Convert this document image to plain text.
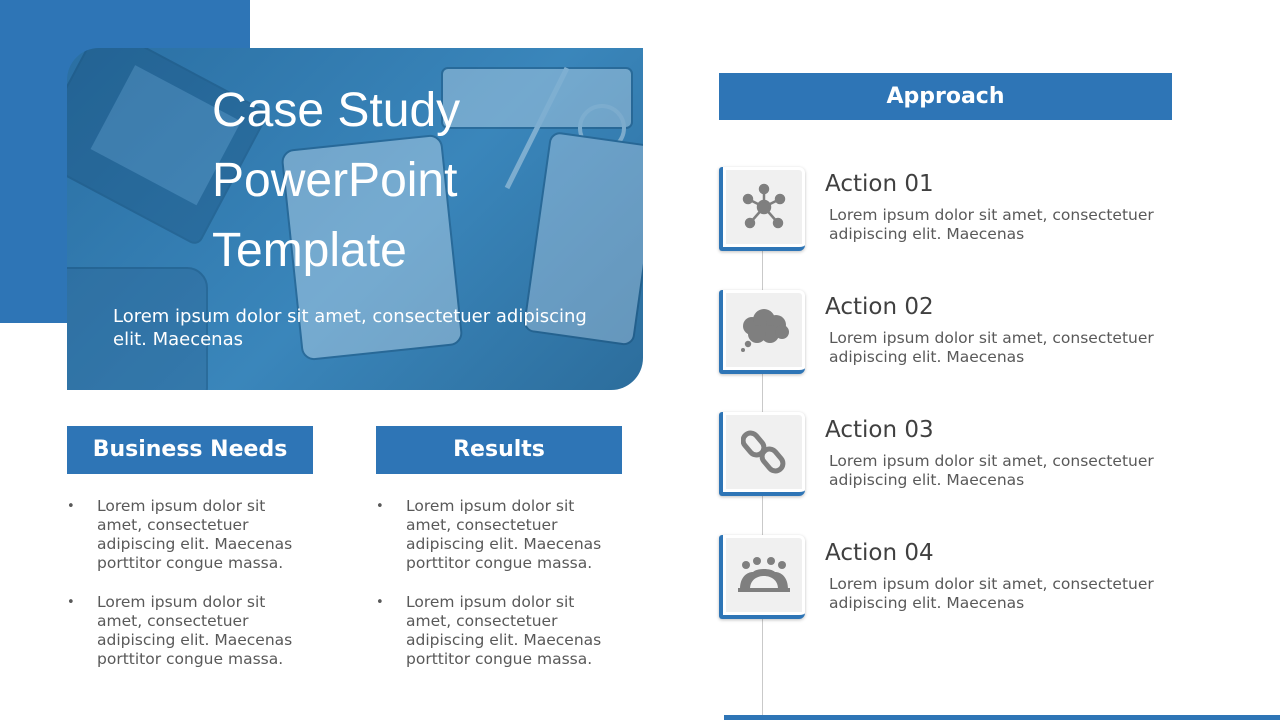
Case Study
PowerPoint
Template
Lorem ipsum dolor sit amet, consectetuer adipiscing
elit. Maecenas
Business Needs
• Lorem ipsum dolor sit
amet, consectetuer
adipiscing elit. Maecenas
porttitor congue massa.
• Lorem ipsum dolor sit
amet, consectetuer
adipiscing elit. Maecenas
porttitor congue massa.
Results
• Lorem ipsum dolor sit
amet, consectetuer
adipiscing elit. Maecenas
porttitor congue massa.
• Lorem ipsum dolor sit
amet, consectetuer
adipiscing elit. Maecenas
porttitor congue massa.
Approach
Action 01
Lorem ipsum dolor sit amet, consectetuer
adipiscing elit. Maecenas
Action 02
Lorem ipsum dolor sit amet, consectetuer
adipiscing elit. Maecenas
Action 03
Lorem ipsum dolor sit amet, consectetuer
adipiscing elit. Maecenas
Action 04
Lorem ipsum dolor sit amet, consectetuer
adipiscing elit. Maecenas
